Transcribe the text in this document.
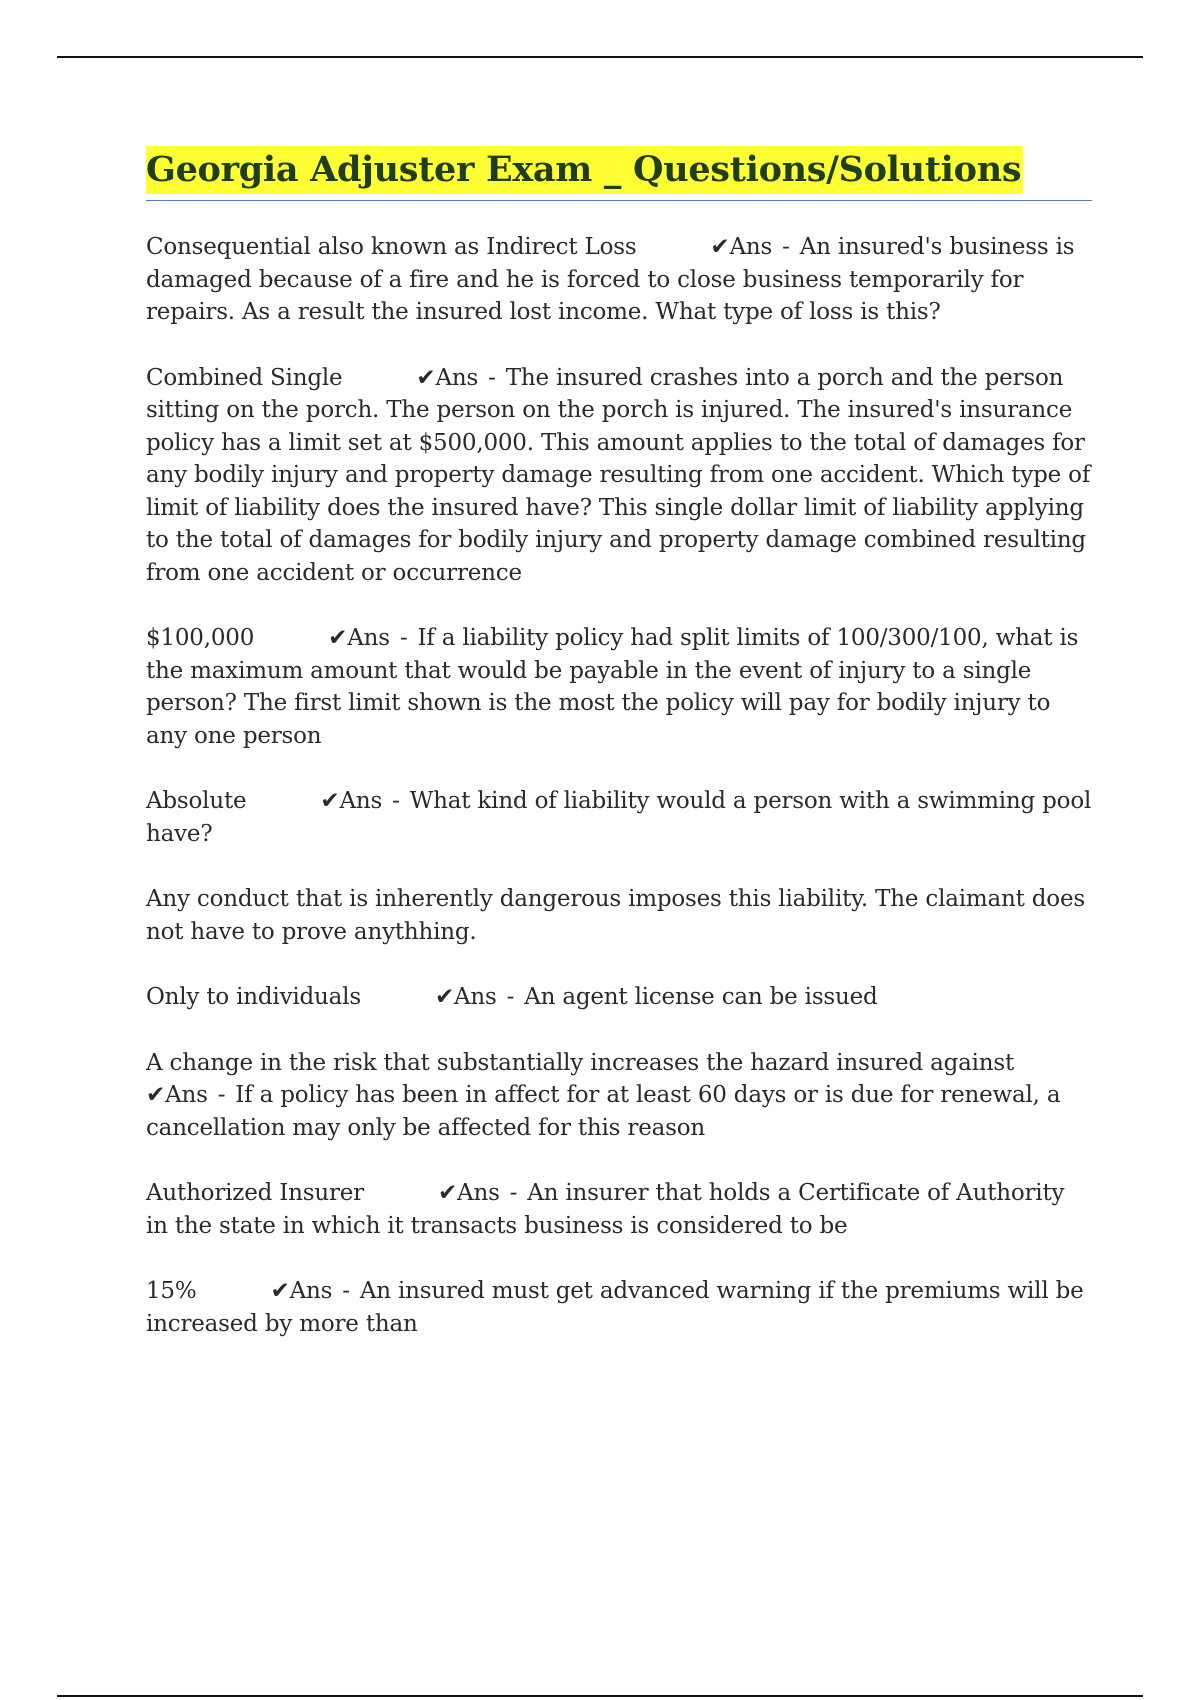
Georgia Adjuster Exam _ Questions/Solutions

Consequential also known as Indirect Loss	✔Ans - An insured's business is damaged because of a fire and he is forced to close business temporarily for repairs. As a result the insured lost income. What type of loss is this?

Combined Single	✔Ans - The insured crashes into a porch and the person sitting on the porch. The person on the porch is injured. The insured's insurance policy has a limit set at $500,000. This amount applies to the total of damages for any bodily injury and property damage resulting from one accident. Which type of limit of liability does the insured have? This single dollar limit of liability applying to the total of damages for bodily injury and property damage combined resulting from one accident or occurrence

$100,000	✔Ans - If a liability policy had split limits of 100/300/100, what is the maximum amount that would be payable in the event of injury to a single person? The first limit shown is the most the policy will pay for bodily injury to any one person

Absolute	✔Ans - What kind of liability would a person with a swimming pool have?

Any conduct that is inherently dangerous imposes this liability. The claimant does not have to prove anythhing.

Only to individuals	✔Ans - An agent license can be issued

A change in the risk that substantially increases the hazard insured against
✔Ans - If a policy has been in affect for at least 60 days or is due for renewal, a cancellation may only be affected for this reason

Authorized Insurer	✔Ans - An insurer that holds a Certificate of Authority in the state in which it transacts business is considered to be

15%	✔Ans - An insured must get advanced warning if the premiums will be increased by more than
